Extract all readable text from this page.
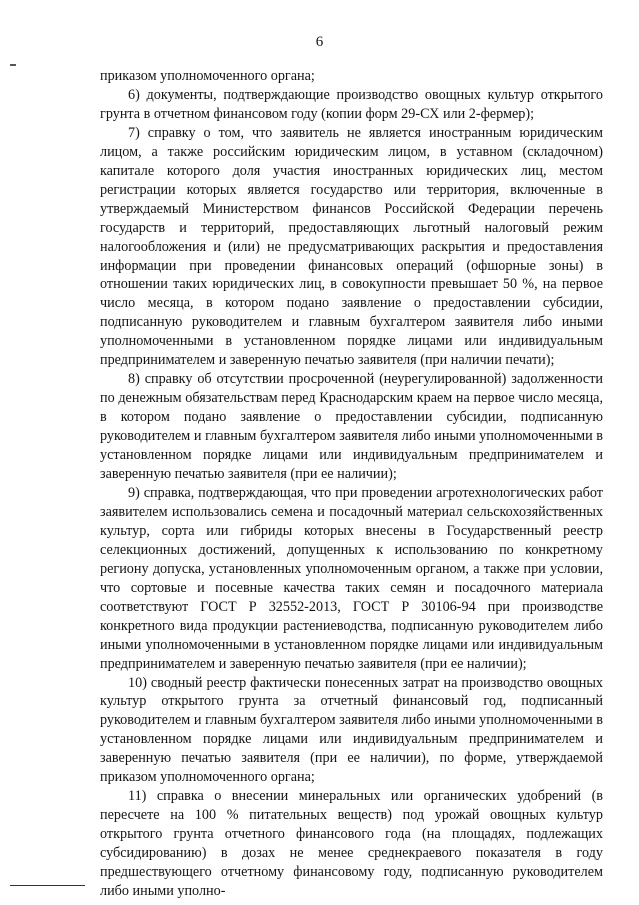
6

приказом уполномоченного органа;

6) документы, подтверждающие производство овощных культур открытого грунта в отчетном финансовом году (копии форм 29-СХ или 2-фермер);

7) справку о том, что заявитель не является иностранным юридическим лицом, а также российским юридическим лицом, в уставном (складочном) капитале которого доля участия иностранных юридических лиц, местом регистрации которых является государство или территория, включенные в утверждаемый Министерством финансов Российской Федерации перечень государств и территорий, предоставляющих льготный налоговый режим налогообложения и (или) не предусматривающих раскрытия и предоставления информации при проведении финансовых операций (офшорные зоны) в отношении таких юридических лиц, в совокупности превышает 50 %, на первое число месяца, в котором подано заявление о предоставлении субсидии, подписанную руководителем и главным бухгалтером заявителя либо иными уполномоченными в установленном порядке лицами или индивидуальным предпринимателем и заверенную печатью заявителя (при наличии печати);

8) справку об отсутствии просроченной (неурегулированной) задолженности по денежным обязательствам перед Краснодарским краем на первое число месяца, в котором подано заявление о предоставлении субсидии, подписанную руководителем и главным бухгалтером заявителя либо иными уполномоченными в установленном порядке лицами или индивидуальным предпринимателем и заверенную печатью заявителя (при ее наличии);

9) справка, подтверждающая, что при проведении агротехнологических работ заявителем использовались семена и посадочный материал сельскохозяйственных культур, сорта или гибриды которых внесены в Государственный реестр селекционных достижений, допущенных к использованию по конкретному региону допуска, установленных уполномоченным органом, а также при условии, что сортовые и посевные качества таких семян и посадочного материала соответствуют ГОСТ Р 32552-2013, ГОСТ Р 30106-94 при производстве конкретного вида продукции растениеводства, подписанную руководителем либо иными уполномоченными в установленном порядке лицами или индивидуальным предпринимателем и заверенную печатью заявителя (при ее наличии);

10) сводный реестр фактически понесенных затрат на производство овощных культур открытого грунта за отчетный финансовый год, подписанный руководителем и главным бухгалтером заявителя либо иными уполномоченными в установленном порядке лицами или индивидуальным предпринимателем и заверенную печатью заявителя (при ее наличии), по форме, утверждаемой приказом уполномоченного органа;

11) справка о внесении минеральных или органических удобрений (в пересчете на 100 % питательных веществ) под урожай овощных культур открытого грунта отчетного финансового года (на площадях, подлежащих субсидированию) в дозах не менее среднекраевого показателя в году предшествующего отчетному финансовому году, подписанную руководителем либо иными уполно-
